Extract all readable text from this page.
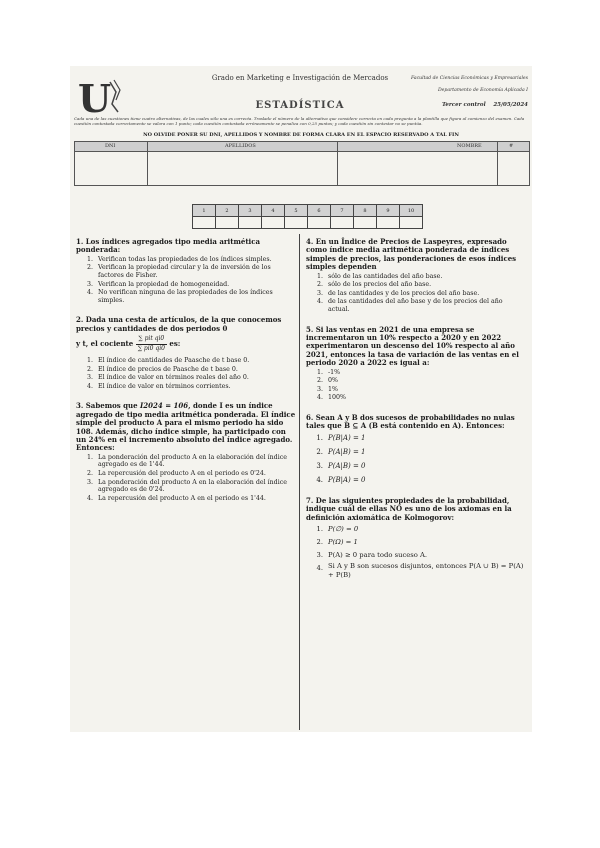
U	Grado en Marketing e Investigación de Mercados
ESTADÍSTICA
Facultad de Ciencias Económicas y Empresariales
Departamento de Economía Aplicada I
Tercer control 25/05/2024
Cada una de las cuestiones tiene cuatro alternativas, de las cuales sólo una es correcta. Traslade el número de la alternativa que considere correcta en cada pregunta a la plantilla que figura al comienzo del examen. Cada cuestión contestada correctamente se valora con 1 punto; cada cuestión contestada erróneamente se penaliza con 0,25 puntos; y cada cuestión sin contestar no se puntúa.
NO OLVIDE PONER SU DNI, APELLIDOS Y NOMBRE DE FORMA CLARA EN EL ESPACIO RESERVADO A TAL FIN
DNI	APELLIDOS	NOMBRE	#
1	2	3	4	5	6	7	8	9	10

1. Los índices agregados tipo media aritmética ponderada:
1. Verifican todas las propiedades de los índices simples.
2. Verifican la propiedad circular y la de inversión de los factores de Fisher.
3. Verifican la propiedad de homogeneidad.
4. No verifican ninguna de las propiedades de los índices simples.
2. Dada una cesta de artículos, de la que conocemos precios y cantidades de dos periodos 0
y t, el cociente $\frac{\text{∑ pit qi0}}{\sum pi0 qi0}$ es:
1. El índice de cantidades de Paasche de t base 0.
2. El índice de precios de Paasche de t base 0.
3. El índice de valor en términos reales del año 0.
4. El índice de valor en términos corrientes.
3. Sabemos que I2024 = 106, donde I es un índice agregado de tipo media aritmética ponderada. El índice simple del producto A para el mismo periodo ha sido 108. Además, dicho índice simple, ha participado con un 24% en el incremento absoluto del índice agregado. Entonces:
1. La ponderación del producto A en la elaboración del índice agregado es de 1'44.
2. La repercusión del producto A en el periodo es 0'24.
3. La ponderación del producto A en la elaboración del índice agregado es de 0'24.
4. La repercusión del producto A en el periodo es 1'44.
4. En un Índice de Precios de Laspeyres, expresado como índice media aritmética ponderada de índices simples de precios, las ponderaciones de esos índices simples dependen
1. sólo de las cantidades del año base.
2. sólo de los precios del año base.
3. de las cantidades y de los precios del año base.
4. de las cantidades del año base y de los precios del año actual.
5. Si las ventas en 2021 de una empresa se incrementaron un 10% respecto a 2020 y en 2022 experimentaron un descenso del 10% respecto al año 2021, entonces la tasa de variación de las ventas en el periodo 2020 a 2022 es igual a:
1. -1%
2. 0%
3. 1%
4. 100%
6. Sean A y B dos sucesos de probabilidades no nulas tales que B ⊆ A (B está contenido en A). Entonces:
1. P(B|A) = 1
2. P(A|B) = 1
3. P(A|B) = 0
4. P(B|A) = 0
7. De las siguientes propiedades de la probabilidad, indique cuál de ellas NO es uno de los axiomas en la definición axiomática de Kolmogorov:
1. P(∅) = 0
2. P(Ω) = 1
3. P(A) ≥ 0 para todo suceso A.
4. Si A y B son sucesos disjuntos, entonces P(A ∪ B) = P(A) + P(B)
